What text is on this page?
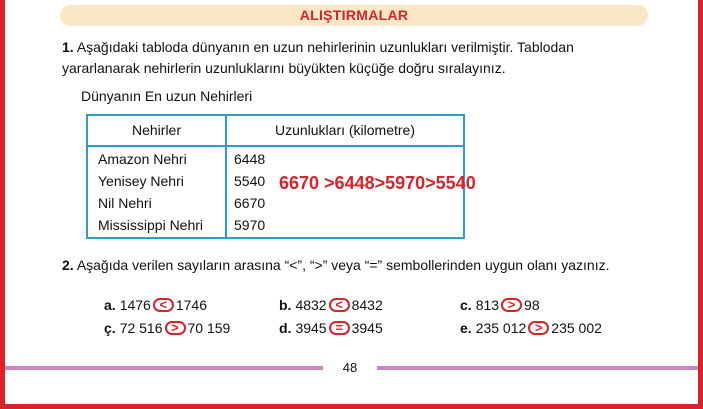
ALIŞTIRMALAR
1. Aşağıdaki tabloda dünyanın en uzun nehirlerinin uzunlukları verilmiştir. Tablodan yararlanarak nehirlerin uzunluklarını büyükten küçüğe doğru sıralayınız.
Dünyanın En uzun Nehirleri
Nehirler	Uzunlukları (kilometre)
Amazon Nehri	6448
Yenisey Nehri	5540
Nil Nehri	6670
Mississippi Nehri 5970
6670 >6448>5970>5540
2. Aşağıda verilen sayıların arasına “<”, “>” veya “=” sembollerinden uygun olanı yazınız.
a. 1476 < 1746	b. 4832 < 8432	c. 813 > 98
ç. 72 516 > 70 159	d. 3945 = 3945	e. 235 012 > 235 002
48
